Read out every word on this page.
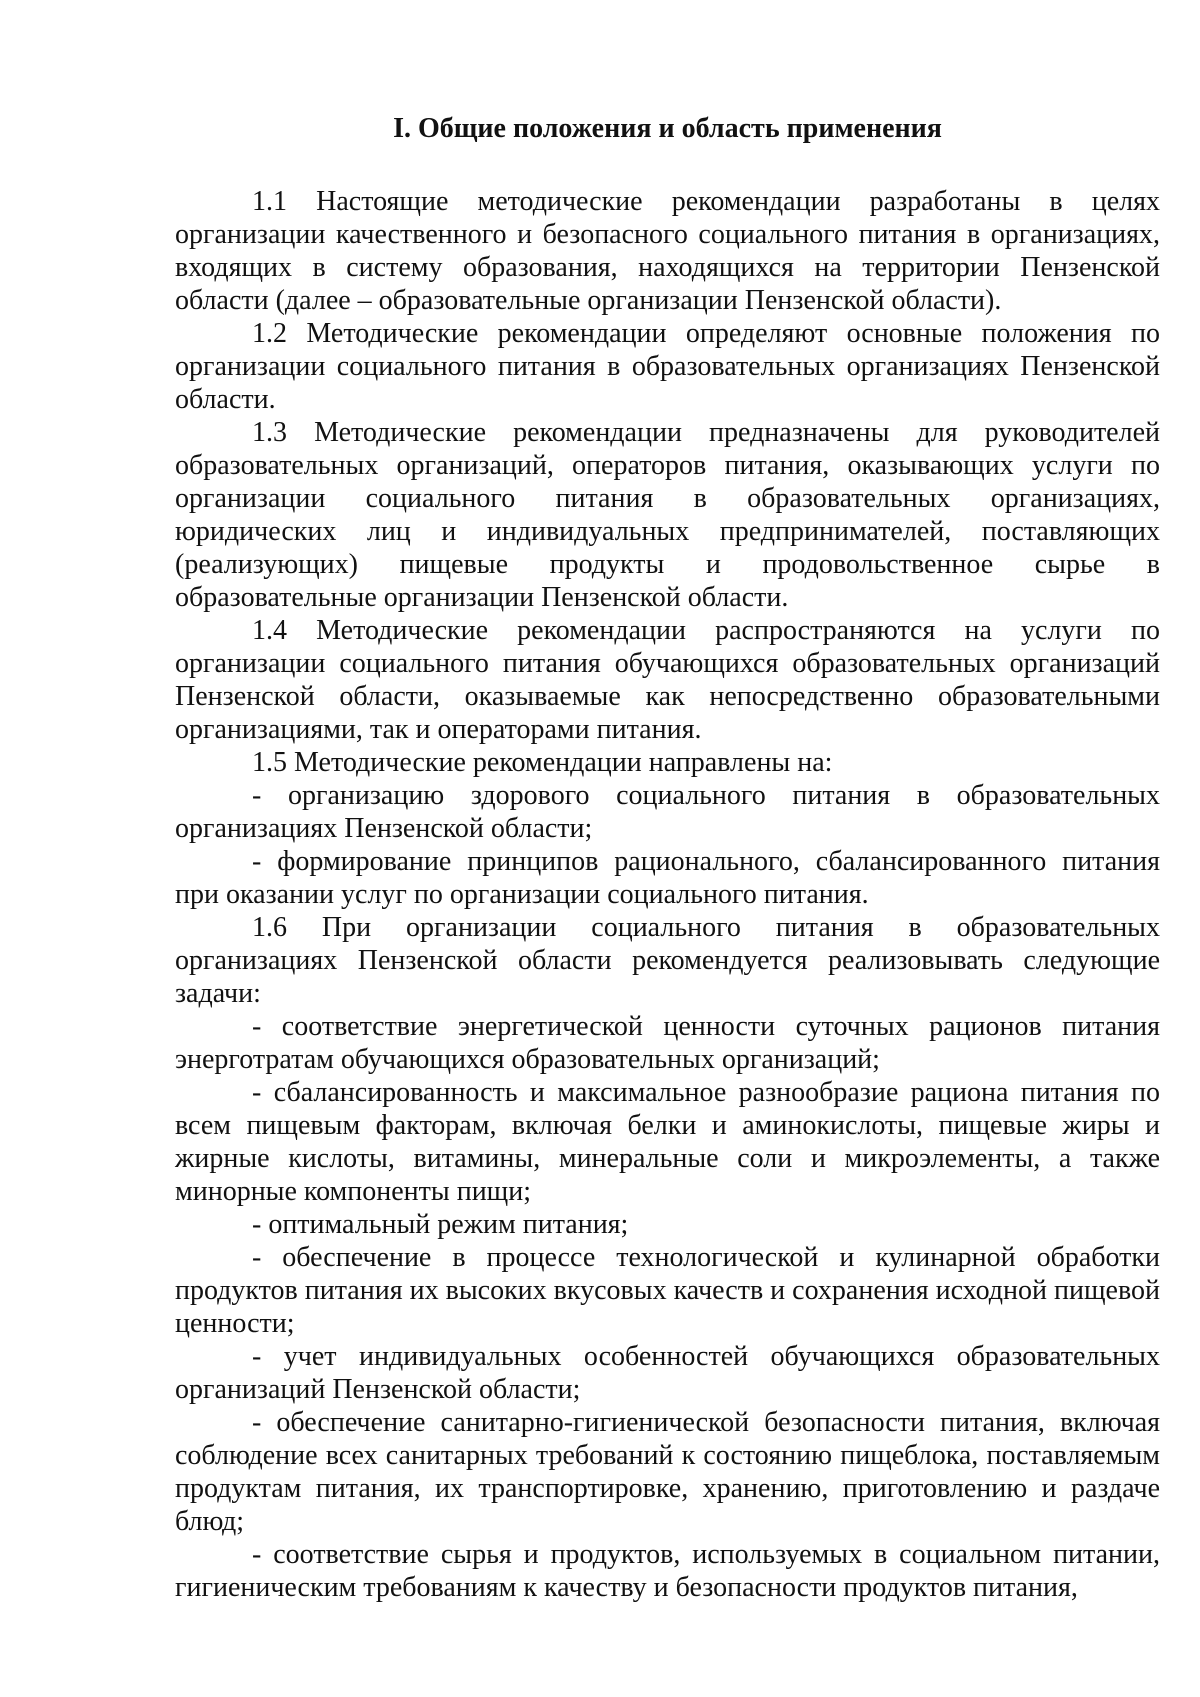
I. Общие положения и область применения

1.1 Настоящие методические рекомендации разработаны в целях организации качественного и безопасного социального питания в организациях, входящих в систему образования, находящихся на территории Пензенской области (далее – образовательные организации Пензенской области).

1.2 Методические рекомендации определяют основные положения по организации социального питания в образовательных организациях Пензенской области.

1.3 Методические рекомендации предназначены для руководителей образовательных организаций, операторов питания, оказывающих услуги по организации социального питания в образовательных организациях, юридических лиц и индивидуальных предпринимателей, поставляющих (реализующих) пищевые продукты и продовольственное сырье в образовательные организации Пензенской области.

1.4 Методические рекомендации распространяются на услуги по организации социального питания обучающихся образовательных организаций Пензенской области, оказываемые как непосредственно образовательными организациями, так и операторами питания.

1.5 Методические рекомендации направлены на:

- организацию здорового социального питания в образовательных организациях Пензенской области;

- формирование принципов рационального, сбалансированного питания при оказании услуг по организации социального питания.

1.6 При организации социального питания в образовательных организациях Пензенской области рекомендуется реализовывать следующие задачи:

- соответствие энергетической ценности суточных рационов питания энерготратам обучающихся образовательных организаций;

- сбалансированность и максимальное разнообразие рациона питания по всем пищевым факторам, включая белки и аминокислоты, пищевые жиры и жирные кислоты, витамины, минеральные соли и микроэлементы, а также минорные компоненты пищи;

- оптимальный режим питания;

- обеспечение в процессе технологической и кулинарной обработки продуктов питания их высоких вкусовых качеств и сохранения исходной пищевой ценности;

- учет индивидуальных особенностей обучающихся образовательных организаций Пензенской области;

- обеспечение санитарно-гигиенической безопасности питания, включая соблюдение всех санитарных требований к состоянию пищеблока, поставляемым продуктам питания, их транспортировке, хранению, приготовлению и раздаче блюд;

- соответствие сырья и продуктов, используемых в социальном питании, гигиеническим требованиям к качеству и безопасности продуктов питания,
